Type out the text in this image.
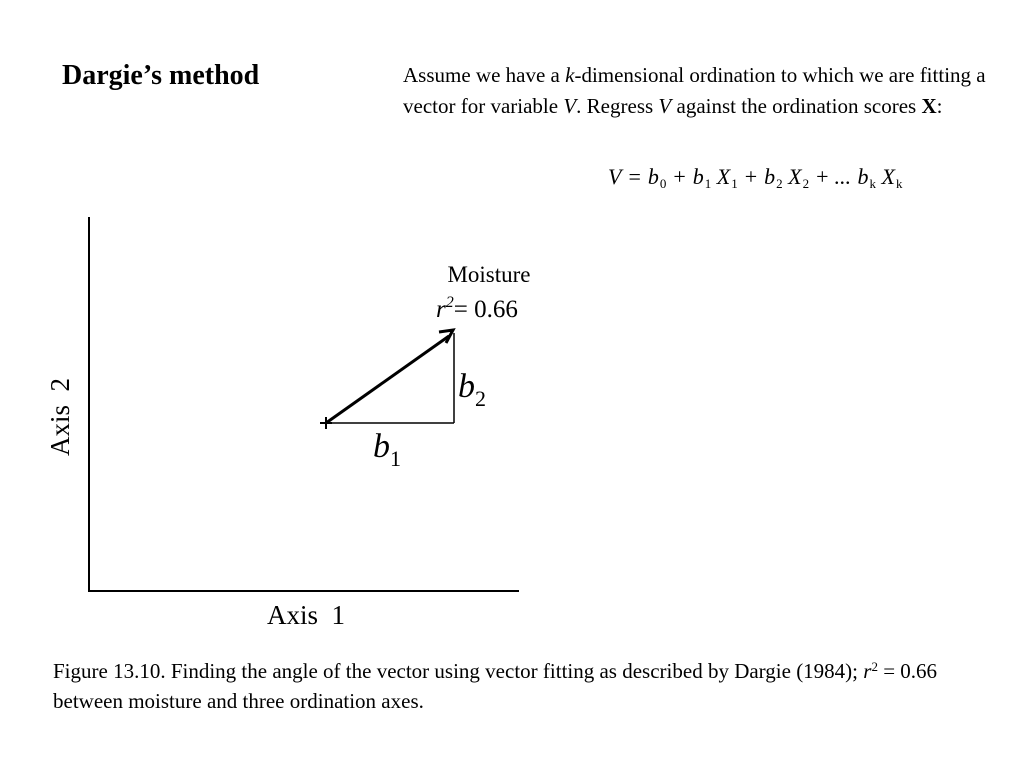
Dargie’s method	Assume we have a k-dimensional ordination to which we are fitting a vector for variable V. Regress V against the ordination scores X:
$V = b_0 + b_1$ $X_1 + b_2$ $X_2$ + ... $b_k$ $X_k$
Axis  2
Axis  1
Moisture
$r^2= 0.66$
b2
b1
Figure 13.10. Finding the angle of the vector using vector fitting as described by Dargie (1984); $r^2 = 0.66$ between moisture and three ordination axes.
